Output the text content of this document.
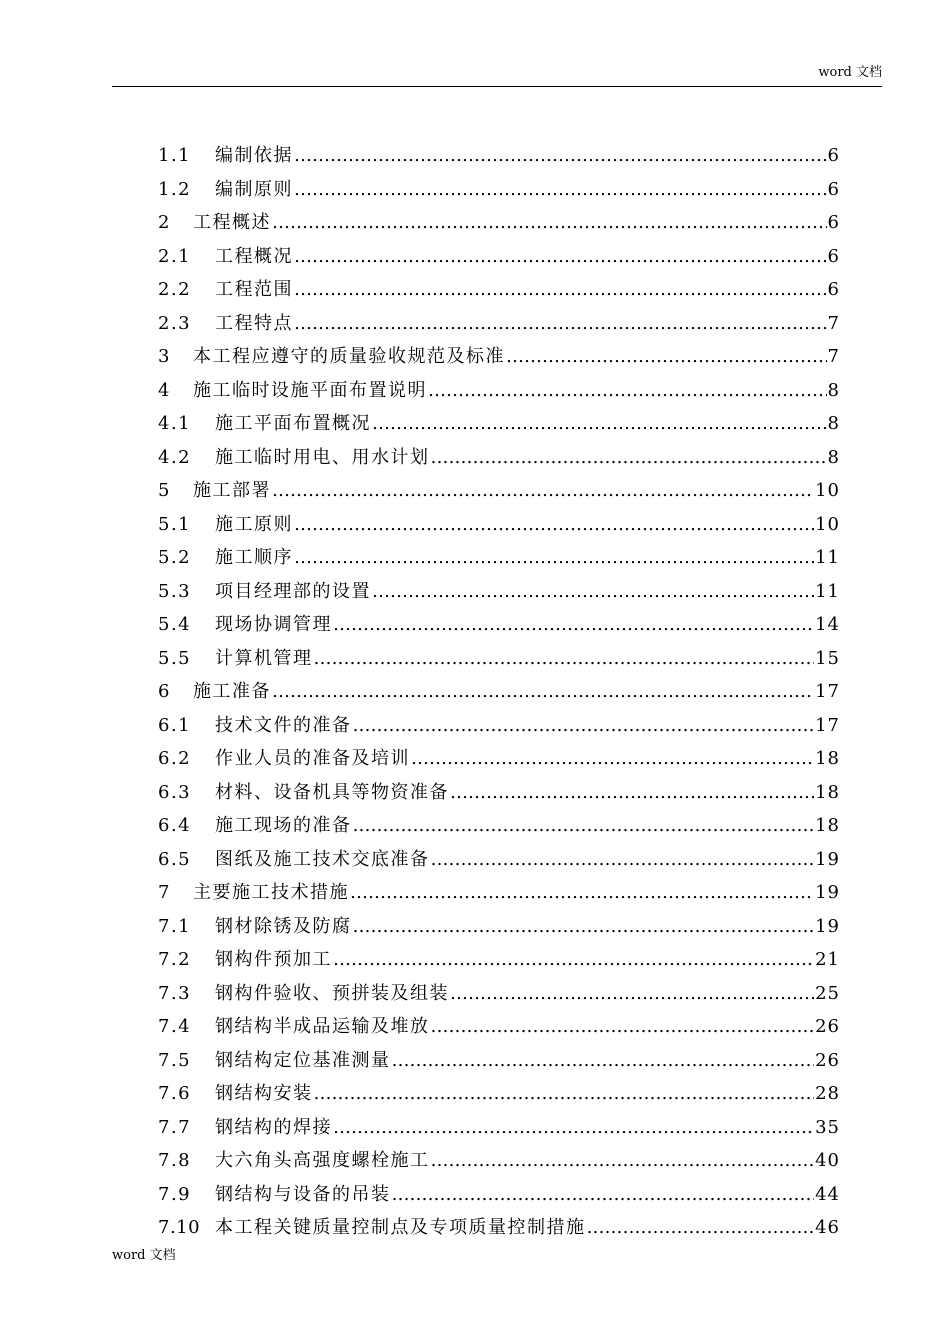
word 文档
1.1	编制依据 ……………………………………………………………………………………………………………………………………………………………………	6
1.2	编制原则 ……………………………………………………………………………………………………………………………………………………………………	6
2	工程概述 ……………………………………………………………………………………………………………………………………………………………………	6
2.1	工程概况 ……………………………………………………………………………………………………………………………………………………………………	6
2.2	工程范围 ……………………………………………………………………………………………………………………………………………………………………	6
2.3	工程特点 ……………………………………………………………………………………………………………………………………………………………………	7
3	本工程应遵守的质量验收规范及标准 ……………………………………………………………………………………………………………………………………………………………………	7
4	施工临时设施平面布置说明 ……………………………………………………………………………………………………………………………………………………………………	8
4.1	施工平面布置概况 ……………………………………………………………………………………………………………………………………………………………………	8
4.2	施工临时用电、用水计划 ……………………………………………………………………………………………………………………………………………………………………	8
5	施工部署 ……………………………………………………………………………………………………………………………………………………………………	10
5.1	施工原则 ……………………………………………………………………………………………………………………………………………………………………	10
5.2	施工顺序 ……………………………………………………………………………………………………………………………………………………………………	11
5.3	项目经理部的设置 ……………………………………………………………………………………………………………………………………………………………………	11
5.4	现场协调管理 ……………………………………………………………………………………………………………………………………………………………………	14
5.5	计算机管理 ……………………………………………………………………………………………………………………………………………………………………	15
6	施工准备 ……………………………………………………………………………………………………………………………………………………………………	17
6.1	技术文件的准备 ……………………………………………………………………………………………………………………………………………………………………	17
6.2	作业人员的准备及培训 ……………………………………………………………………………………………………………………………………………………………………	18
6.3	材料、设备机具等物资准备 ……………………………………………………………………………………………………………………………………………………………………	18
6.4	施工现场的准备 ……………………………………………………………………………………………………………………………………………………………………	18
6.5	图纸及施工技术交底准备 ……………………………………………………………………………………………………………………………………………………………………	19
7	主要施工技术措施 ……………………………………………………………………………………………………………………………………………………………………	19
7.1	钢材除锈及防腐 ……………………………………………………………………………………………………………………………………………………………………	19
7.2	钢构件预加工 ……………………………………………………………………………………………………………………………………………………………………	21
7.3	钢构件验收、预拼装及组装 ……………………………………………………………………………………………………………………………………………………………………	25
7.4	钢结构半成品运输及堆放 ……………………………………………………………………………………………………………………………………………………………………	26
7.5	钢结构定位基准测量 ……………………………………………………………………………………………………………………………………………………………………	26
7.6	钢结构安装 ……………………………………………………………………………………………………………………………………………………………………	28
7.7	钢结构的焊接 ……………………………………………………………………………………………………………………………………………………………………	35
7.8	大六角头高强度螺栓施工 ……………………………………………………………………………………………………………………………………………………………………	40
7.9	钢结构与设备的吊装 ……………………………………………………………………………………………………………………………………………………………………	44
7.10 本工程关键质量控制点及专项质量控制措施 ……………………………………………………………………………………………………………………………………………………………………	46
word 文档
